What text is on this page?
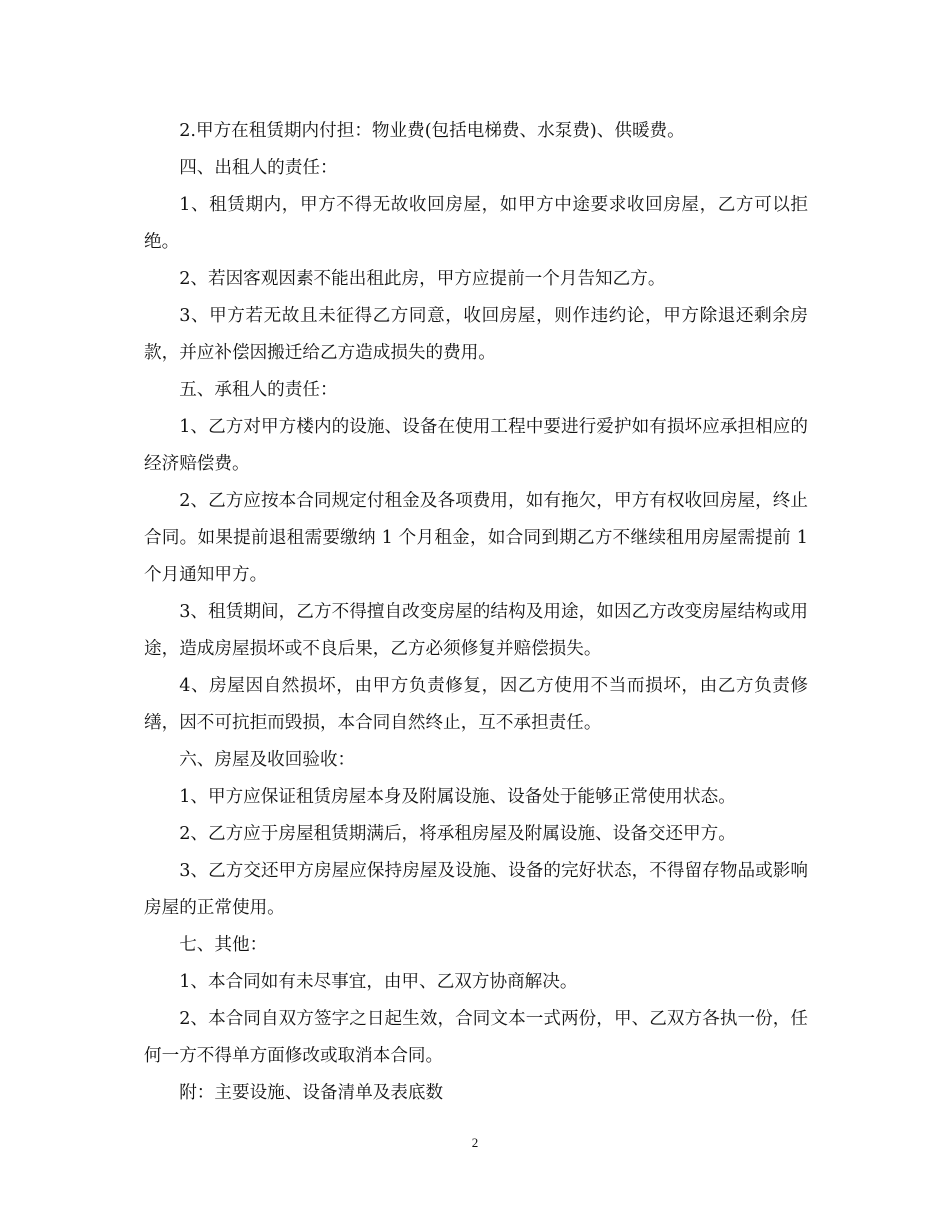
2.甲方在租赁期内付担：物业费(包括电梯费、水泵费)、供暖费。

四、出租人的责任：

1、租赁期内，甲方不得无故收回房屋，如甲方中途要求收回房屋，乙方可以拒绝。

2、若因客观因素不能出租此房，甲方应提前一个月告知乙方。

3、甲方若无故且未征得乙方同意，收回房屋，则作违约论，甲方除退还剩余房款，并应补偿因搬迁给乙方造成损失的费用。

五、承租人的责任：

1、乙方对甲方楼内的设施、设备在使用工程中要进行爱护如有损坏应承担相应的经济赔偿费。

2、乙方应按本合同规定付租金及各项费用，如有拖欠，甲方有权收回房屋，终止合同。如果提前退租需要缴纳 1 个月租金，如合同到期乙方不继续租用房屋需提前 1 个月通知甲方。

3、租赁期间，乙方不得擅自改变房屋的结构及用途，如因乙方改变房屋结构或用途，造成房屋损坏或不良后果，乙方必须修复并赔偿损失。

4、房屋因自然损坏，由甲方负责修复，因乙方使用不当而损坏，由乙方负责修缮，因不可抗拒而毁损，本合同自然终止，互不承担责任。

六、房屋及收回验收：

1、甲方应保证租赁房屋本身及附属设施、设备处于能够正常使用状态。

2、乙方应于房屋租赁期满后，将承租房屋及附属设施、设备交还甲方。

3、乙方交还甲方房屋应保持房屋及设施、设备的完好状态，不得留存物品或影响房屋的正常使用。

七、其他：

1、本合同如有未尽事宜，由甲、乙双方协商解决。

2、本合同自双方签字之日起生效，合同文本一式两份，甲、乙双方各执一份，任何一方不得单方面修改或取消本合同。

附：主要设施、设备清单及表底数

2
